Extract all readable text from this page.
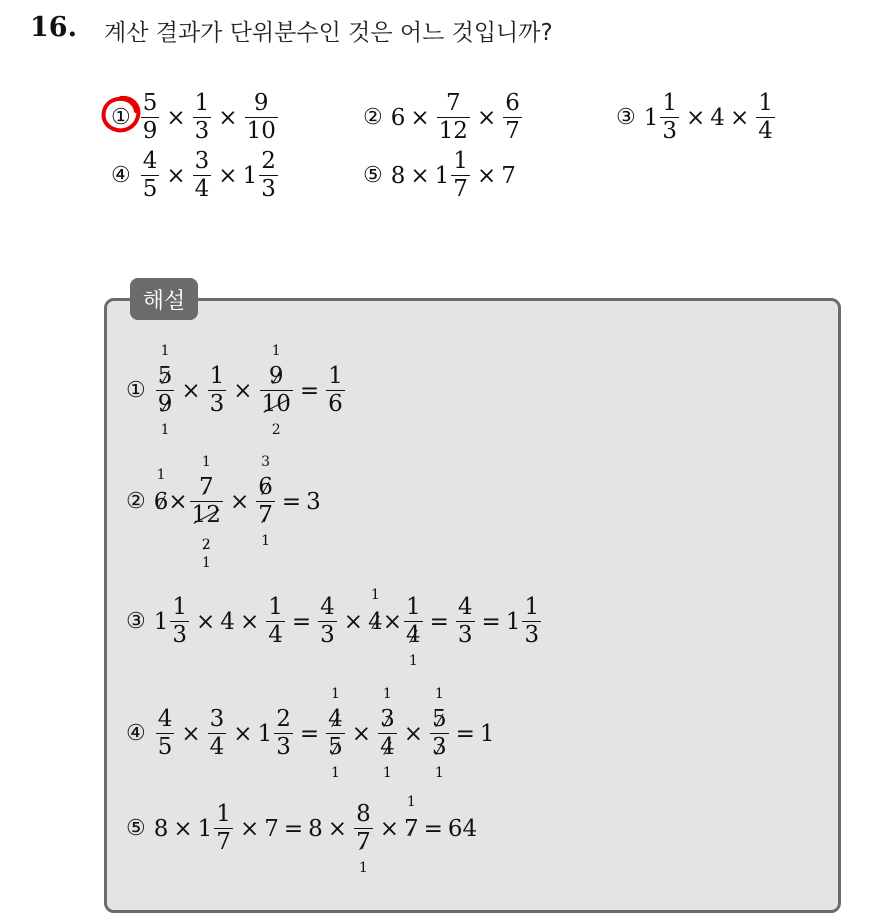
16. 계산 결과가 단위분수인 것은 어느 것입니까?
① $\frac{5}{9} \times \frac{1}{3} \times \frac{9}{10}$	② $6 \times \frac{7}{12} \times \frac{6}{7}$	③ $1 \frac{1}{3} \times 4 \times \frac{1}{4}$
④ $\frac{4}{5} \times \frac{3}{4} \times 1 \frac{2}{3}$	⑤ $8 \times 1 \frac{1}{7} \times 7$
해설
①
5
9
1
1
× $\frac{1}{3}$ ×
9
10
1
2
= $\frac{1}{6}$
② 6
1
×
7
12
1
2
1
×
6
7
3
1
= 3
③ $1 \frac{1}{3} \times 4 \times \frac{1}{4} = \frac{4}{3} \times 4$
1
×
1
4
1
= $\frac{4}{3} = 1 \frac{1}{3}$
④ $\frac{4}{5} \times \frac{3}{4} \times 1 \frac{2}{3}$ =
4
5
1
1
×
3
4
1
1
×
5
3
1
1
= 1
⑤ $8 \times 1 \frac{1}{7} \times 7 = 8$ ×
8
7
1
× 7
1
= 64
